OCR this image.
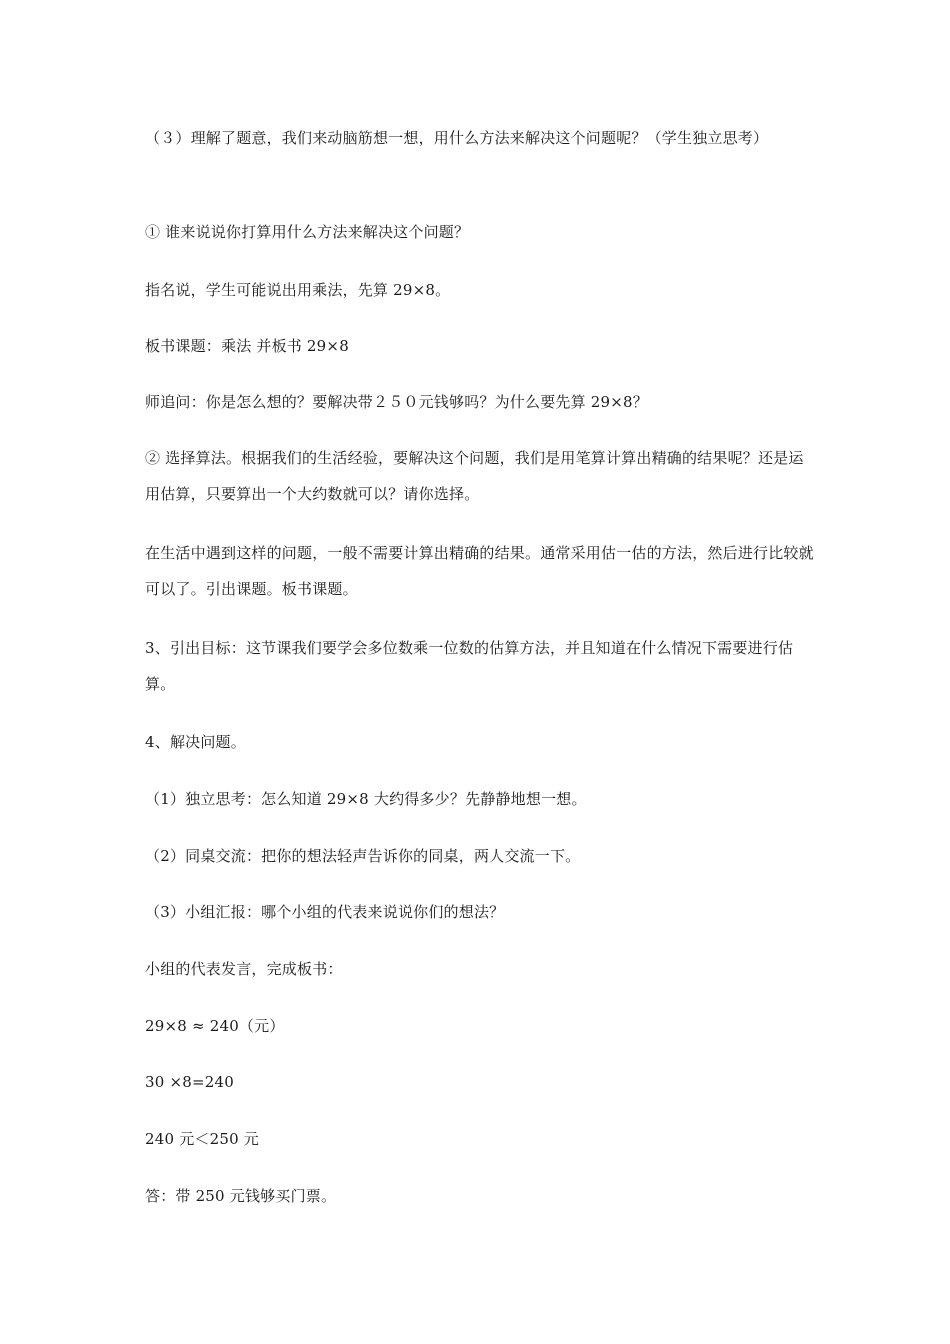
（３）理解了题意，我们来动脑筋想一想，用什么方法来解决这个问题呢？（学生独立思考）

① 谁来说说你打算用什么方法来解决这个问题？

指名说，学生可能说出用乘法，先算 29×8。

板书课题：乘法 并板书 29×8

师追问：你是怎么想的？要解决带２５０元钱够吗？为什么要先算 29×8？

② 选择算法。根据我们的生活经验，要解决这个问题，我们是用笔算计算出精确的结果呢？还是运用估算，只要算出一个大约数就可以？请你选择。

在生活中遇到这样的问题，一般不需要计算出精确的结果。通常采用估一估的方法，然后进行比较就可以了。引出课题。板书课题。

3、引出目标：这节课我们要学会多位数乘一位数的估算方法，并且知道在什么情况下需要进行估算。

4、解决问题。

（1）独立思考：怎么知道 29×8 大约得多少？先静静地想一想。

（2）同桌交流：把你的想法轻声告诉你的同桌，两人交流一下。

（3）小组汇报：哪个小组的代表来说说你们的想法？

小组的代表发言，完成板书：

29×8 ≈ 240（元）

30 ×8=240

240 元＜250 元

答：带 250 元钱够买门票。
